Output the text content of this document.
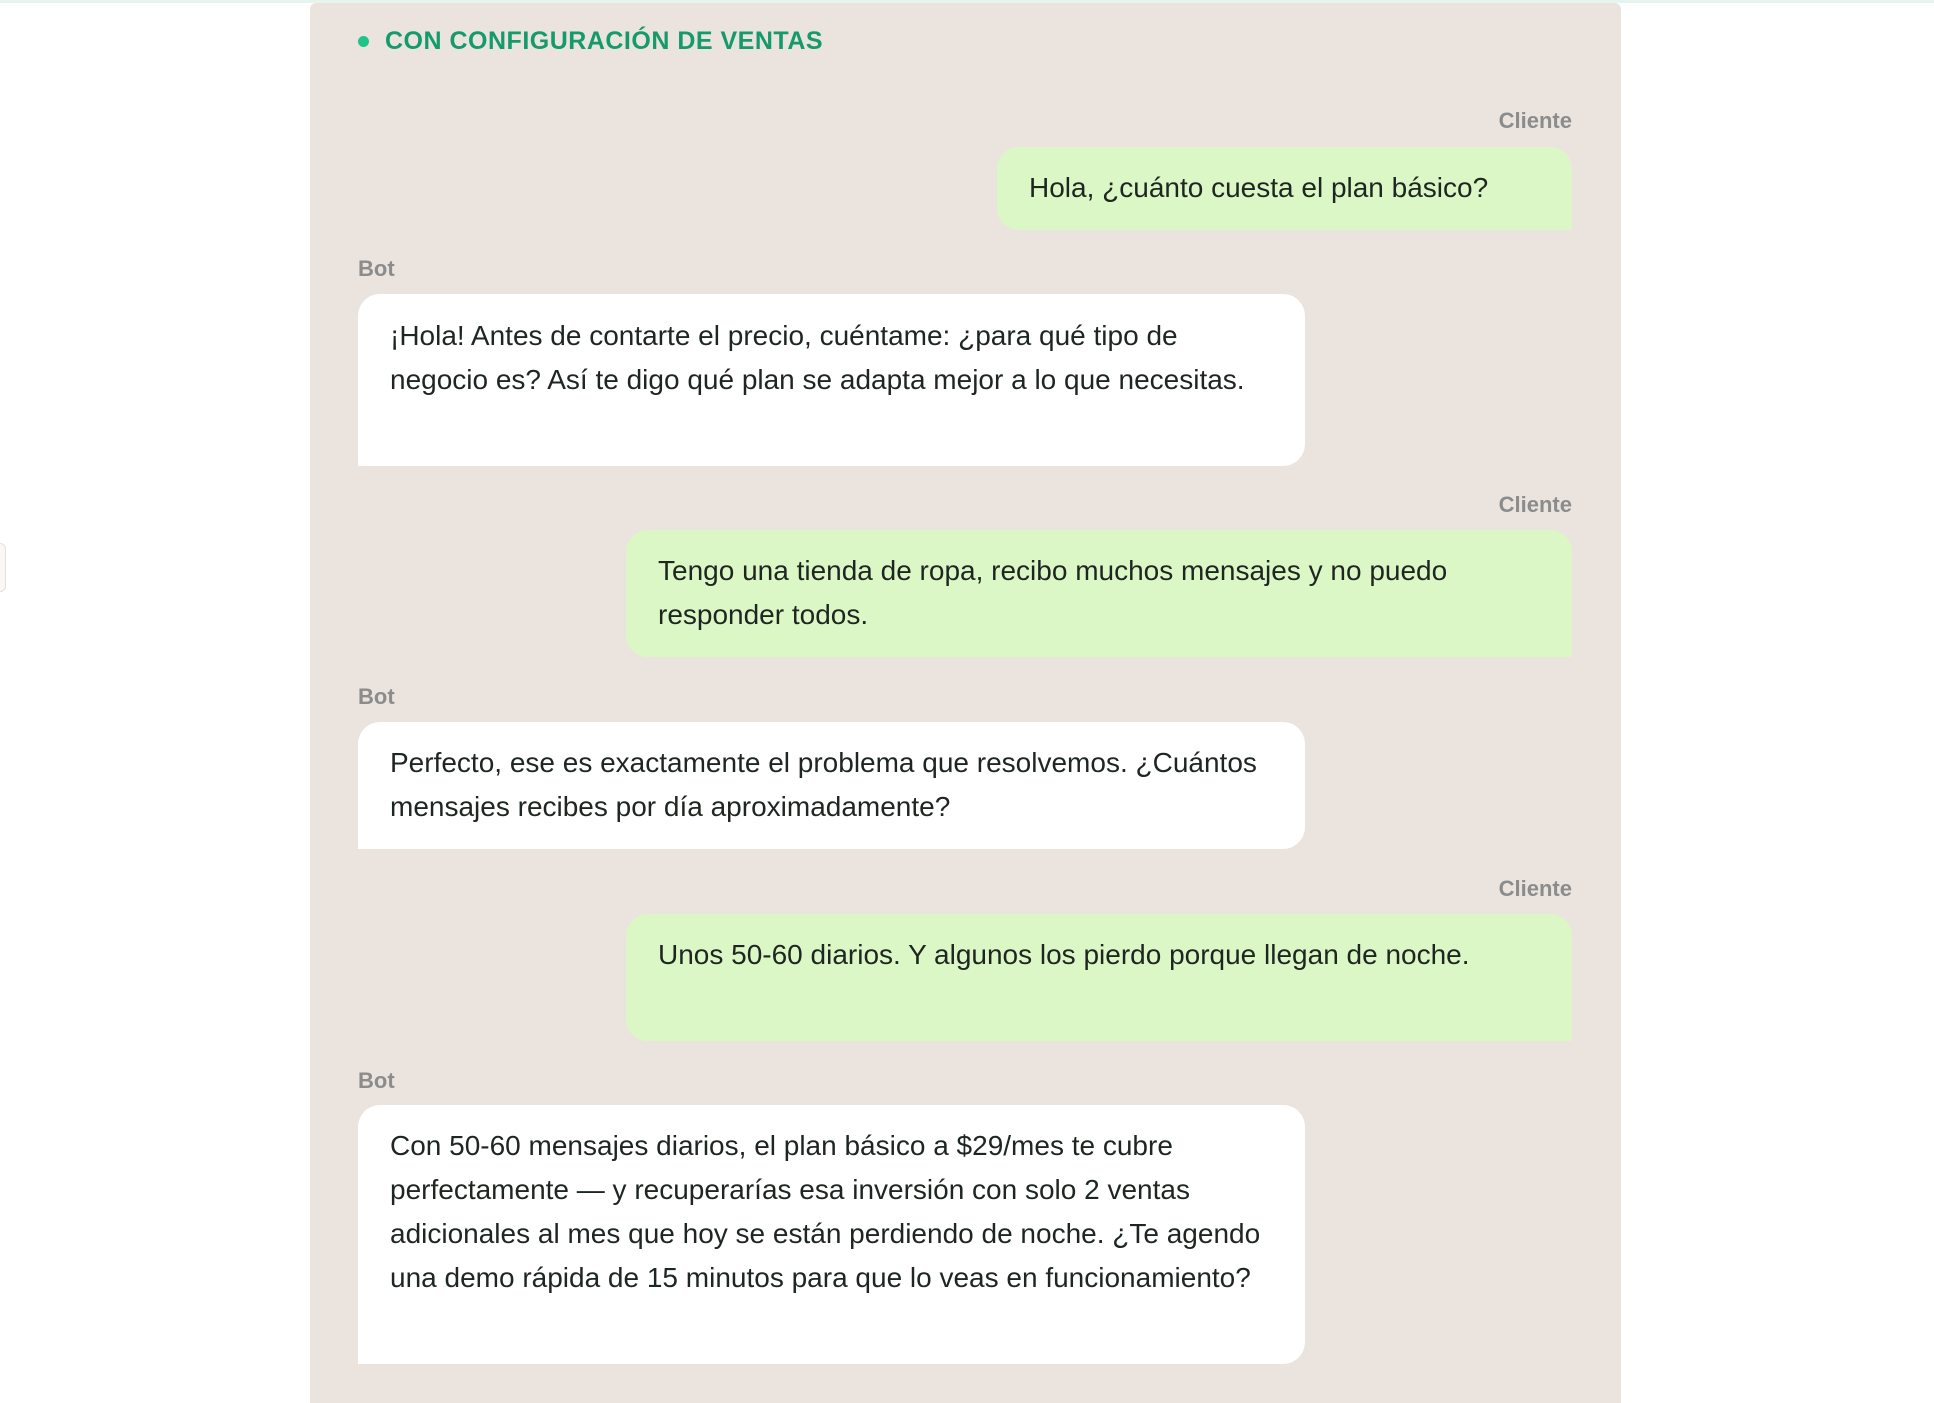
CON CONFIGURACIÓN DE VENTAS
Cliente
Hola, ¿cuánto cuesta el plan básico?
Bot
¡Hola! Antes de contarte el precio, cuéntame: ¿para qué tipo de negocio es? Así te digo qué plan se adapta mejor a lo que necesitas.
Cliente
Tengo una tienda de ropa, recibo muchos mensajes y no puedo responder todos.
Bot
Perfecto, ese es exactamente el problema que resolvemos. ¿Cuántos mensajes recibes por día aproximadamente?
Cliente
Unos 50-60 diarios. Y algunos los pierdo porque llegan de noche.
Bot
Con 50-60 mensajes diarios, el plan básico a $29/mes te cubre perfectamente — y recuperarías esa inversión con solo 2 ventas adicionales al mes que hoy se están perdiendo de noche. ¿Te agendo una demo rápida de 15 minutos para que lo veas en funcionamiento?
